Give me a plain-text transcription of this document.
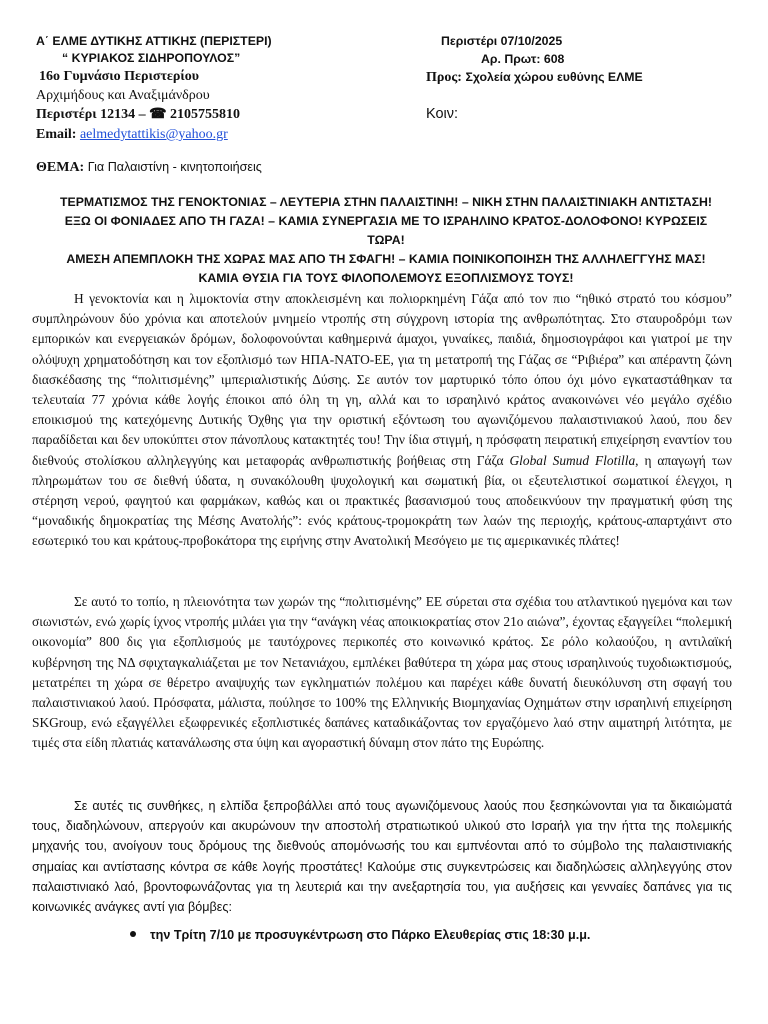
Α΄ ΕΛΜΕ ΔΥΤΙΚΗΣ ΑΤΤΙΚΗΣ (ΠΕΡΙΣΤΕΡΙ)
“ ΚΥΡΙΑΚΟΣ ΣΙΔΗΡΟΠΟΥΛΟΣ”
16ο Γυμνάσιο Περιστερίου
Αρχιμήδους και Αναξιμάνδρου
Περιστέρι 12134 – ☎ 2105755810
Email: aelmedytattikis@yahoo.gr
Περιστέρι 07/10/2025
Αρ. Πρωτ: 608
Προς: Σχολεία χώρου ευθύνης ΕΛΜΕ
Κοιν:
ΘΕΜΑ: Για Παλαιστίνη - κινητοποιήσεις
ΤΕΡΜΑΤΙΣΜΟΣ ΤΗΣ ΓΕΝΟΚΤΟΝΙΑΣ – ΛΕΥΤΕΡΙΑ ΣΤΗΝ ΠΑΛΑΙΣΤΙΝΗ! – ΝΙΚΗ ΣΤΗΝ ΠΑΛΑΙΣΤΙΝΙΑΚΗ ΑΝΤΙΣΤΑΣΗ!
ΕΞΩ ΟΙ ΦΟΝΙΑΔΕΣ ΑΠΟ ΤΗ ΓΑΖΑ! – ΚΑΜΙΑ ΣΥΝΕΡΓΑΣΙΑ ΜΕ ΤΟ ΙΣΡΑΗΛΙΝΟ ΚΡΑΤΟΣ-ΔΟΛΟΦΟΝΟ! ΚΥΡΩΣΕΙΣ
ΤΩΡΑ!
ΑΜΕΣΗ ΑΠΕΜΠΛΟΚΗ ΤΗΣ ΧΩΡΑΣ ΜΑΣ ΑΠΟ ΤΗ ΣΦΑΓΗ! – ΚΑΜΙΑ ΠΟΙΝΙΚΟΠΟΙΗΣΗ ΤΗΣ ΑΛΛΗΛΕΓΓΥΗΣ ΜΑΣ!
ΚΑΜΙΑ ΘΥΣΙΑ ΓΙΑ ΤΟΥΣ ΦΙΛΟΠΟΛΕΜΟΥΣ ΕΞΟΠΛΙΣΜΟΥΣ ΤΟΥΣ!

Η γενοκτονία και η λιμοκτονία στην αποκλεισμένη και πολιορκημένη Γάζα από τον πιο “ηθικό στρατό του κόσμου” συμπληρώνουν δύο χρόνια και αποτελούν μνημείο ντροπής στη σύγχρονη ιστορία της ανθρωπότητας. Στο σταυροδρόμι των εμπορικών και ενεργειακών δρόμων, δολοφονούνται καθημερινά άμαχοι, γυναίκες, παιδιά, δημοσιογράφοι και γιατροί με την ολόψυχη χρηματοδότηση και τον εξοπλισμό των ΗΠΑ-ΝΑΤΟ-ΕΕ, για τη μετατροπή της Γάζας σε “Ριβιέρα” και απέραντη ζώνη διασκέδασης της “πολιτισμένης” ιμπεριαλιστικής Δύσης. Σε αυτόν τον μαρτυρικό τόπο όπου όχι μόνο εγκαταστάθηκαν τα τελευταία 77 χρόνια κάθε λογής έποικοι από όλη τη γη, αλλά και το ισραηλινό κράτος ανακοινώνει νέο μεγάλο σχέδιο εποικισμού της κατεχόμενης Δυτικής Όχθης για την οριστική εξόντωση του αγωνιζόμενου παλαιστινιακού λαού, που δεν παραδίδεται και δεν υποκύπτει στον πάνοπλους κατακτητές του! Την ίδια στιγμή, η πρόσφατη πειρατική επιχείρηση εναντίον του διεθνούς στολίσκου αλληλεγγύης και μεταφοράς ανθρωπιστικής βοήθειας στη Γάζα Global Sumud Flotilla, η απαγωγή των πληρωμάτων του σε διεθνή ύδατα, η συνακόλουθη ψυχολογική και σωματική βία, οι εξευτελιστικοί σωματικοί έλεγχοι, η στέρηση νερού, φαγητού και φαρμάκων, καθώς και οι πρακτικές βασανισμού τους αποδεικνύουν την πραγματική φύση της “μοναδικής δημοκρατίας της Μέσης Ανατολής”: ενός κράτους-τρομοκράτη των λαών της περιοχής, κράτους-απαρτχάιντ στο εσωτερικό του και κράτους-προβοκάτορα της ειρήνης στην Ανατολική Μεσόγειο με τις αμερικανικές πλάτες!

Σε αυτό το τοπίο, η πλειονότητα των χωρών της “πολιτισμένης” ΕΕ σύρεται στα σχέδια του ατλαντικού ηγεμόνα και των σιωνιστών, ενώ χωρίς ίχνος ντροπής μιλάει για την “ανάγκη νέας αποικιοκρατίας στον 21ο αιώνα”, έχοντας εξαγγείλει “πολεμική οικονομία” 800 δις για εξοπλισμούς με ταυτόχρονες περικοπές στο κοινωνικό κράτος. Σε ρόλο κολαούζου, η αντιλαϊκή κυβέρνηση της ΝΔ σφιχταγκαλιάζεται με τον Νετανιάχου, εμπλέκει βαθύτερα τη χώρα μας στους ισραηλινούς τυχοδιωκτισμούς, μετατρέπει τη χώρα σε θέρετρο αναψυχής των εγκληματιών πολέμου και παρέχει κάθε δυνατή διευκόλυνση στη σφαγή του παλαιστινιακού λαού. Πρόσφατα, μάλιστα, πούλησε το 100% της Ελληνικής Βιομηχανίας Οχημάτων στην ισραηλινή επιχείρηση SKGroup, ενώ εξαγγέλλει εξωφρενικές εξοπλιστικές δαπάνες καταδικάζοντας τον εργαζόμενο λαό στην αιματηρή λιτότητα, με τιμές στα είδη πλατιάς κατανάλωσης στα ύψη και αγοραστική δύναμη στον πάτο της Ευρώπης.

Σε αυτές τις συνθήκες, η ελπίδα ξεπροβάλλει από τους αγωνιζόμενους λαούς που ξεσηκώνονται για τα δικαιώματά τους, διαδηλώνουν, απεργούν και ακυρώνουν την αποστολή στρατιωτικού υλικού στο Ισραήλ για την ήττα της πολεμικής μηχανής του, ανοίγουν τους δρόμους της διεθνούς απομόνωσής του και εμπνέονται από το σύμβολο της παλαιστινιακής σημαίας και αντίστασης κόντρα σε κάθε λογής προστάτες! Καλούμε στις συγκεντρώσεις και διαδηλώσεις αλληλεγγύης στον παλαιστινιακό λαό, βροντοφωνάζοντας για τη λευτεριά και την ανεξαρτησία του, για αυξήσεις και γενναίες δαπάνες για τις κοινωνικές ανάγκες αντί για βόμβες:

την Τρίτη 7/10 με προσυγκέντρωση στο Πάρκο Ελευθερίας στις 18:30 μ.μ.
